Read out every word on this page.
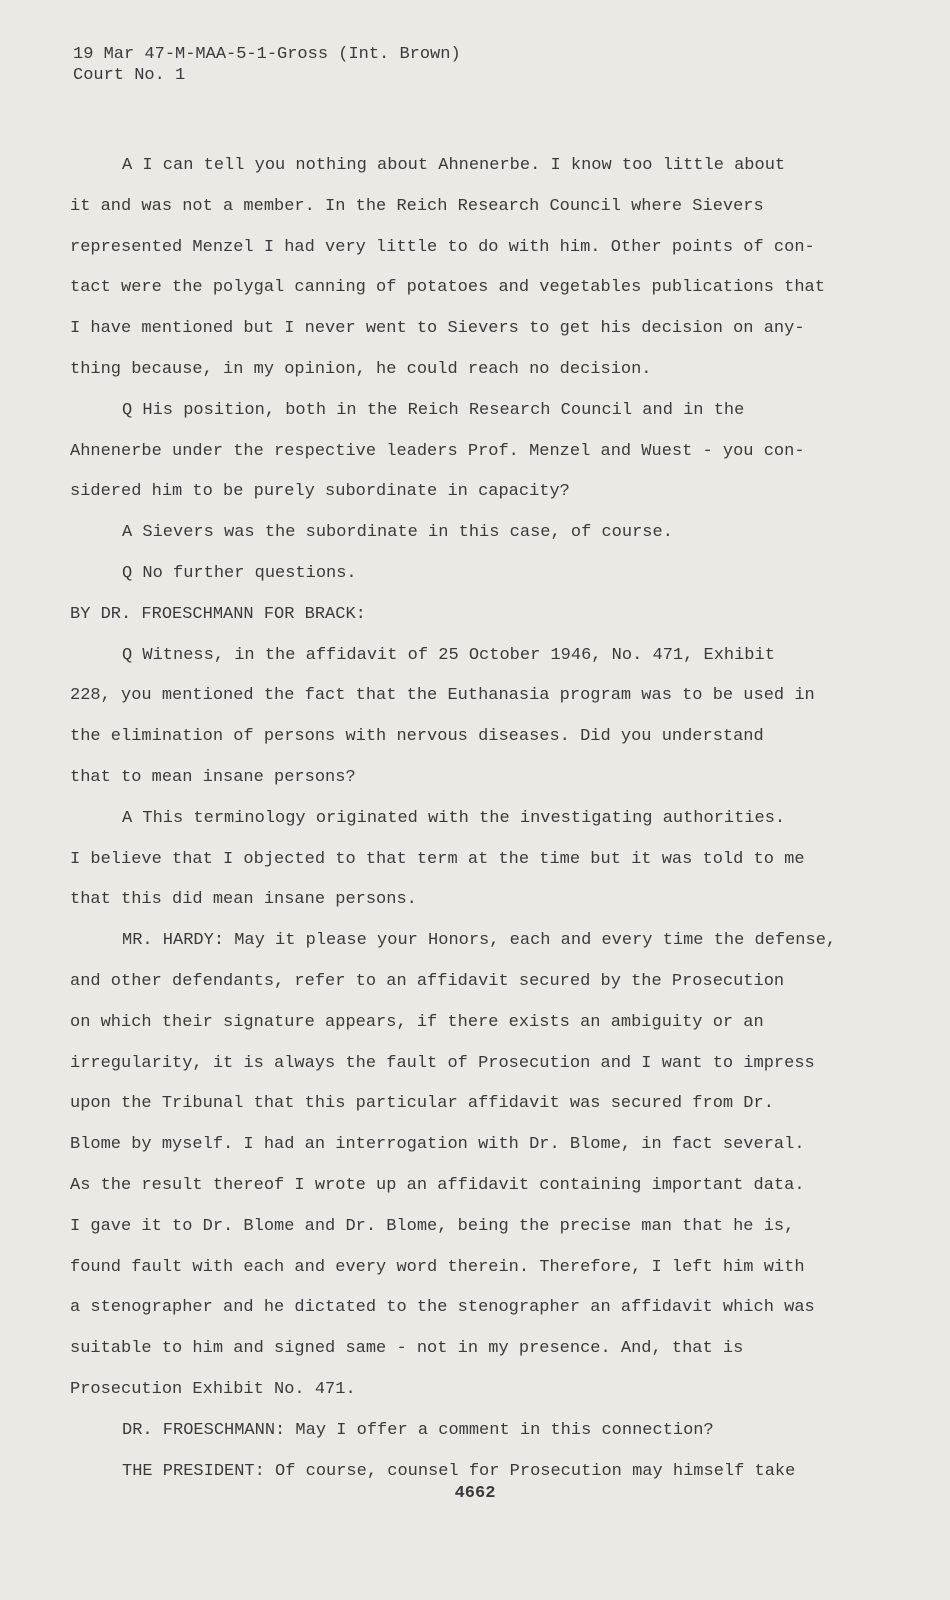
19 Mar 47-M-MAA-5-1-Gross (Int. Brown)
Court No. 1
A I can tell you nothing about Ahnenerbe. I know too little about
it and was not a member. In the Reich Research Council where Sievers
represented Menzel I had very little to do with him. Other points of con-
tact were the polygal canning of potatoes and vegetables publications that
I have mentioned but I never went to Sievers to get his decision on any-
thing because, in my opinion, he could reach no decision.
Q His position, both in the Reich Research Council and in the
Ahnenerbe under the respective leaders Prof. Menzel and Wuest - you con-
sidered him to be purely subordinate in capacity?
A Sievers was the subordinate in this case, of course.
Q No further questions.
BY DR. FROESCHMANN FOR BRACK:
Q Witness, in the affidavit of 25 October 1946, No. 471, Exhibit
228, you mentioned the fact that the Euthanasia program was to be used in
the elimination of persons with nervous diseases. Did you understand
that to mean insane persons?
A This terminology originated with the investigating authorities.
I believe that I objected to that term at the time but it was told to me
that this did mean insane persons.
MR. HARDY: May it please your Honors, each and every time the defense,
and other defendants, refer to an affidavit secured by the Prosecution
on which their signature appears, if there exists an ambiguity or an
irregularity, it is always the fault of Prosecution and I want to impress
upon the Tribunal that this particular affidavit was secured from Dr.
Blome by myself. I had an interrogation with Dr. Blome, in fact several.
As the result thereof I wrote up an affidavit containing important data.
I gave it to Dr. Blome and Dr. Blome, being the precise man that he is,
found fault with each and every word therein. Therefore, I left him with
a stenographer and he dictated to the stenographer an affidavit which was
suitable to him and signed same - not in my presence. And, that is
Prosecution Exhibit No. 471.
DR. FROESCHMANN: May I offer a comment in this connection?
THE PRESIDENT: Of course, counsel for Prosecution may himself take
4662
